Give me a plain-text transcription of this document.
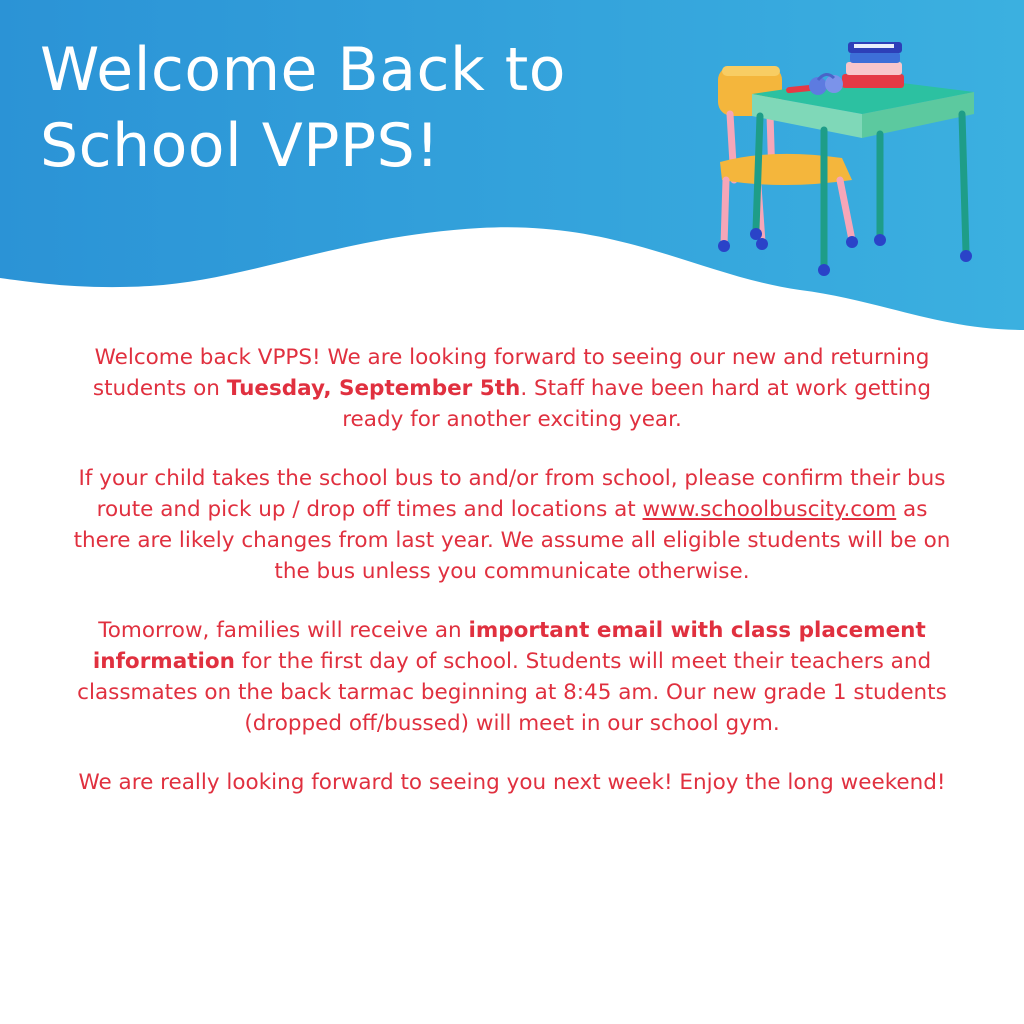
Welcome Back to
School VPPS!

Welcome back VPPS! We are looking forward to seeing our new and returning students on Tuesday, September 5th. Staff have been hard at work getting ready for another exciting year.

If your child takes the school bus to and/or from school, please confirm their bus route and pick up / drop off times and locations at www.schoolbuscity.com as there are likely changes from last year. We assume all eligible students will be on the bus unless you communicate otherwise.

Tomorrow, families will receive an important email with class placement information for the first day of school. Students will meet their teachers and classmates on the back tarmac beginning at 8:45 am. Our new grade 1 students (dropped off/bussed) will meet in our school gym.

We are really looking forward to seeing you next week! Enjoy the long weekend!
